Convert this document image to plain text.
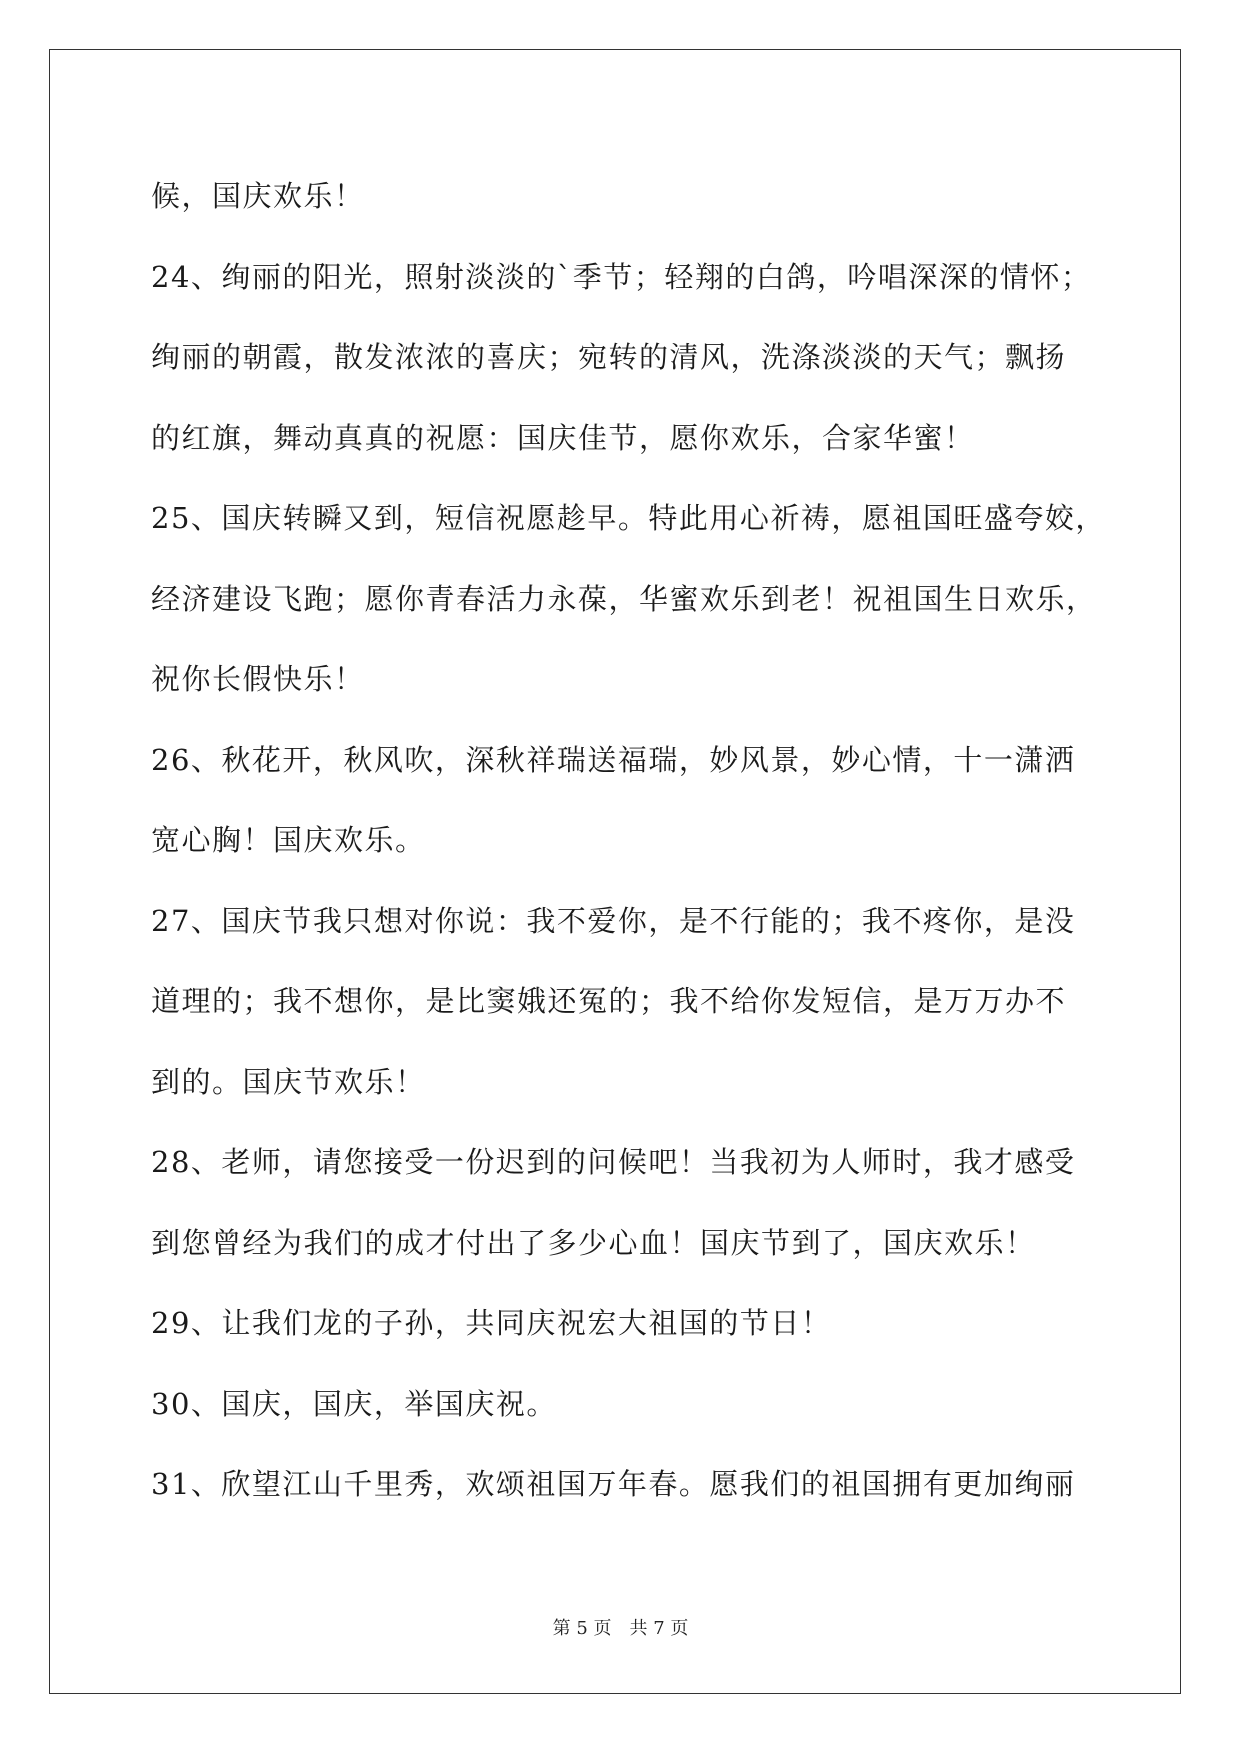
候，国庆欢乐！
24、绚丽的阳光，照射淡淡的`季节；轻翔的白鸽，吟唱深深的情怀；
绚丽的朝霞，散发浓浓的喜庆；宛转的清风，洗涤淡淡的天气；飘扬
的红旗，舞动真真的祝愿：国庆佳节，愿你欢乐，合家华蜜！
25、国庆转瞬又到，短信祝愿趁早。特此用心祈祷，愿祖国旺盛夸姣，
经济建设飞跑；愿你青春活力永葆，华蜜欢乐到老！祝祖国生日欢乐，
祝你长假快乐！
26、秋花开，秋风吹，深秋祥瑞送福瑞，妙风景，妙心情，十一潇洒
宽心胸！国庆欢乐。
27、国庆节我只想对你说：我不爱你，是不行能的；我不疼你，是没
道理的；我不想你，是比窦娥还冤的；我不给你发短信，是万万办不
到的。国庆节欢乐！
28、老师，请您接受一份迟到的问候吧！当我初为人师时，我才感受
到您曾经为我们的成才付出了多少心血！国庆节到了，国庆欢乐！
29、让我们龙的子孙，共同庆祝宏大祖国的节日！
30、国庆，国庆，举国庆祝。
31、欣望江山千里秀，欢颂祖国万年春。愿我们的祖国拥有更加绚丽
第 5 页　共 7 页
